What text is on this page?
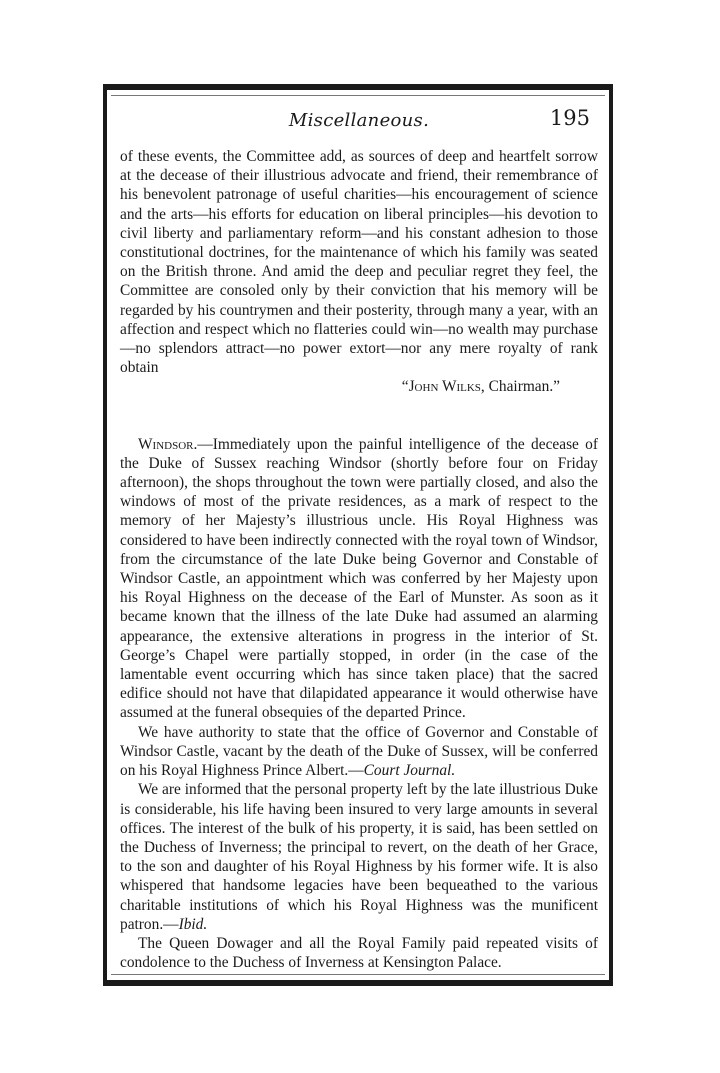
Miscellaneous.	195

of these events, the Committee add, as sources of deep and heartfelt sorrow at the decease of their illustrious advocate and friend, their remembrance of his benevolent patronage of useful charities—his encouragement of science and the arts—his efforts for education on liberal principles—his devotion to civil liberty and parliamentary reform—and his constant adhesion to those constitutional doctrines, for the maintenance of which his family was seated on the British throne. And amid the deep and peculiar regret they feel, the Committee are consoled only by their conviction that his memory will be regarded by his countrymen and their posterity, through many a year, with an affection and respect which no flatteries could win—no wealth may purchase—no splendors attract—no power extort—nor any mere royalty of rank obtain

“John Wilks, Chairman.”

Windsor.—Immediately upon the painful intelligence of the decease of the Duke of Sussex reaching Windsor (shortly before four on Friday afternoon), the shops throughout the town were partially closed, and also the windows of most of the private residences, as a mark of respect to the memory of her Majesty’s illustrious uncle. His Royal Highness was considered to have been indirectly connected with the royal town of Windsor, from the circumstance of the late Duke being Governor and Constable of Windsor Castle, an appointment which was conferred by her Majesty upon his Royal Highness on the decease of the Earl of Munster. As soon as it became known that the illness of the late Duke had assumed an alarming appearance, the extensive alterations in progress in the interior of St. George’s Chapel were partially stopped, in order (in the case of the lamentable event occurring which has since taken place) that the sacred edifice should not have that dilapidated appearance it would otherwise have assumed at the funeral obsequies of the departed Prince.

We have authority to state that the office of Governor and Constable of Windsor Castle, vacant by the death of the Duke of Sussex, will be conferred on his Royal Highness Prince Albert.—Court Journal.

We are informed that the personal property left by the late illustrious Duke is considerable, his life having been insured to very large amounts in several offices. The interest of the bulk of his property, it is said, has been settled on the Duchess of Inverness; the principal to revert, on the death of her Grace, to the son and daughter of his Royal Highness by his former wife. It is also whispered that handsome legacies have been bequeathed to the various charitable institutions of which his Royal Highness was the munificent patron.—Ibid.

The Queen Dowager and all the Royal Family paid repeated visits of condolence to the Duchess of Inverness at Kensington Palace.
